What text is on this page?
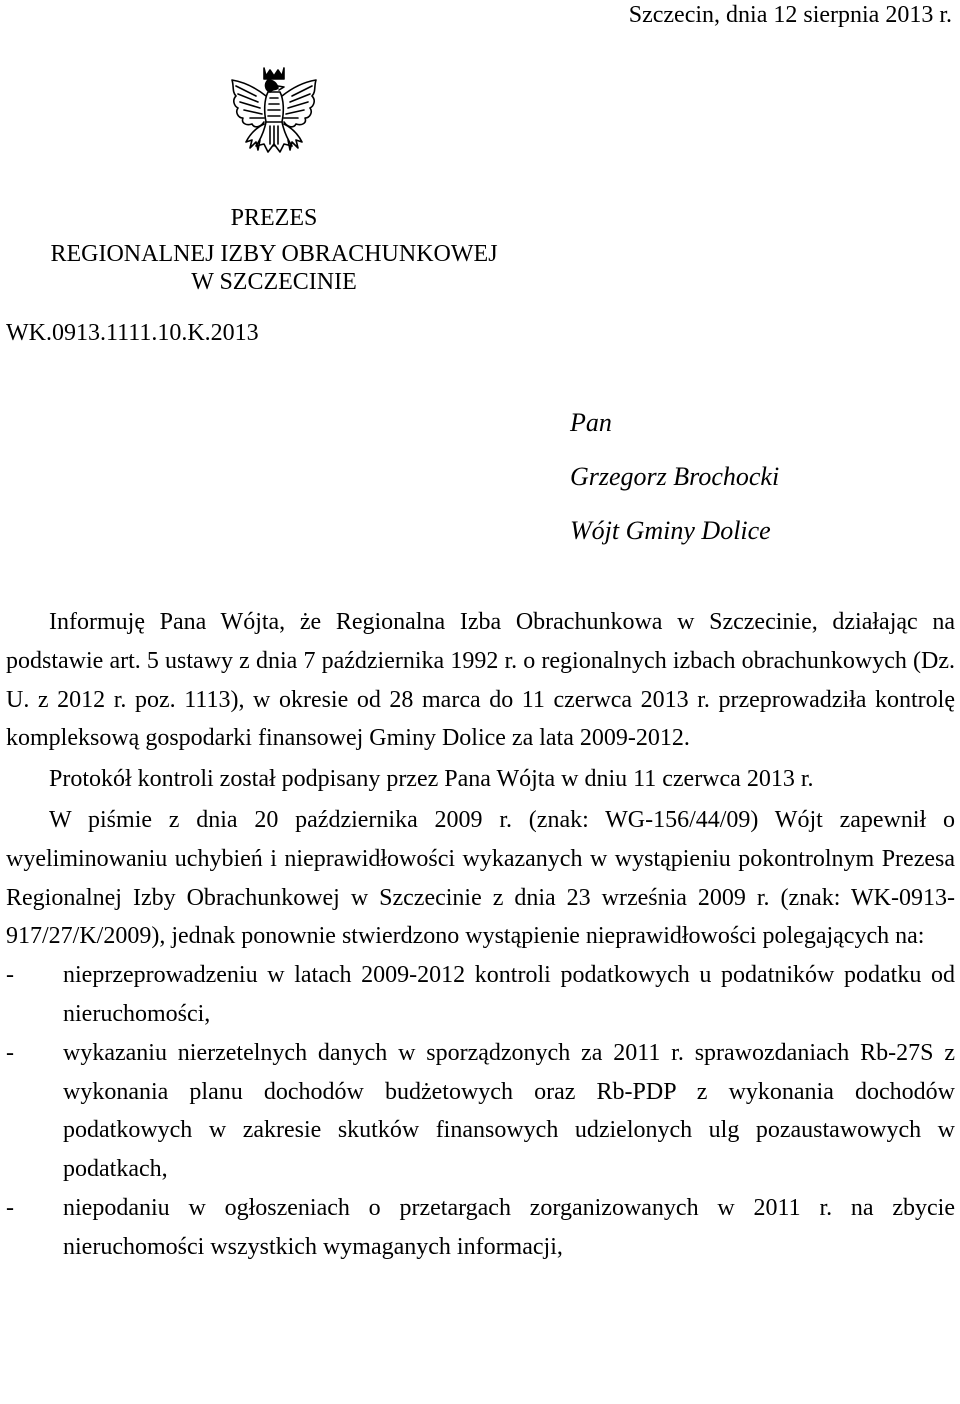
Szczecin, dnia 12 sierpnia 2013 r.
PREZES
REGIONALNEJ IZBY OBRACHUNKOWEJ
W SZCZECINIE
WK.0913.1111.10.K.2013
Pan
Grzegorz Brochocki
Wójt Gminy Dolice

Informuję Pana Wójta, że Regionalna Izba Obrachunkowa w Szczecinie, działając na podstawie art. 5 ustawy z dnia 7 października 1992 r. o regionalnych izbach obrachunkowych (Dz. U. z 2012 r. poz. 1113), w okresie od 28 marca do 11 czerwca 2013 r. przeprowadziła kontrolę kompleksową gospodarki finansowej Gminy Dolice za lata 2009-2012.

Protokół kontroli został podpisany przez Pana Wójta w dniu 11 czerwca 2013 r.

W piśmie z dnia 20 października 2009 r. (znak: WG-156/44/09) Wójt zapewnił o wyeliminowaniu uchybień i nieprawidłowości wykazanych w wystąpieniu pokontrolnym Prezesa Regionalnej Izby Obrachunkowej w Szczecinie z dnia 23 września 2009 r. (znak: WK-0913-917/27/K/2009), jednak ponownie stwierdzono wystąpienie nieprawidłowości polegających na:

- nieprzeprowadzeniu w latach 2009-2012 kontroli podatkowych u podatników podatku od nieruchomości,
- wykazaniu nierzetelnych danych w sporządzonych za 2011 r. sprawozdaniach Rb-27S z wykonania planu dochodów budżetowych oraz Rb-PDP z wykonania dochodów podatkowych w zakresie skutków finansowych udzielonych ulg pozaustawowych w podatkach,
- niepodaniu w ogłoszeniach o przetargach zorganizowanych w 2011 r. na zbycie nieruchomości wszystkich wymaganych informacji,
